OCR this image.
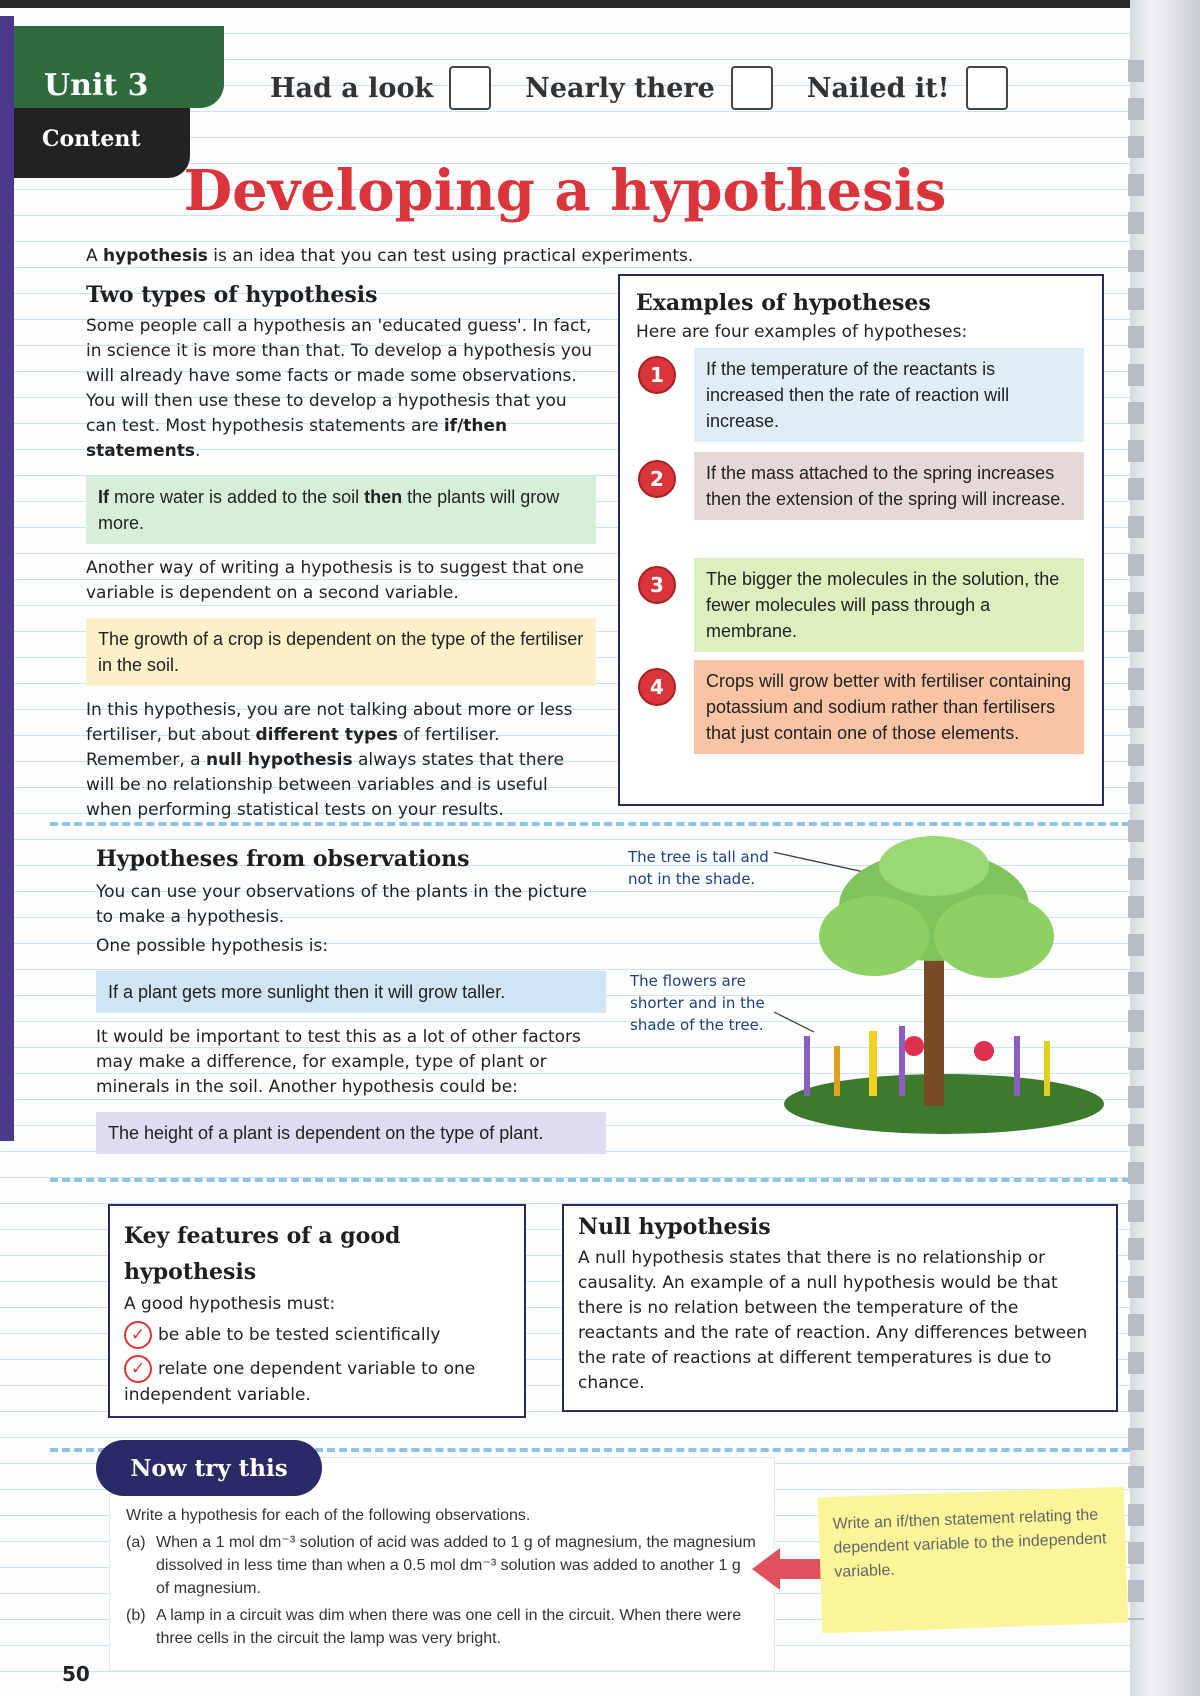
Unit 3
Content
Had a look	Nearly there	Nailed it!
Developing a hypothesis
A hypothesis is an idea that you can test using practical experiments.
Two types of hypothesis

Some people call a hypothesis an 'educated guess'. In fact, in science it is more than that. To develop a hypothesis you will already have some facts or made some observations. You will then use these to develop a hypothesis that you can test. Most hypothesis statements are if/then statements.

If more water is added to the soil then the plants will grow more.

Another way of writing a hypothesis is to suggest that one variable is dependent on a second variable.

The growth of a crop is dependent on the type of the fertiliser in the soil.

In this hypothesis, you are not talking about more or less fertiliser, but about different types of fertiliser. Remember, a null hypothesis always states that there will be no relationship between variables and is useful when performing statistical tests on your results.

Examples of hypotheses

Here are four examples of hypotheses:

1	If the temperature of the reactants is increased then the rate of reaction will increase.
2	If the mass attached to the spring increases then the extension of the spring will increase.
3	The bigger the molecules in the solution, the fewer molecules will pass through a membrane.
4	Crops will grow better with fertiliser containing potassium and sodium rather than fertilisers that just contain one of those elements.
Hypotheses from observations

You can use your observations of the plants in the picture to make a hypothesis.

One possible hypothesis is:

If a plant gets more sunlight then it will grow taller.

It would be important to test this as a lot of other factors may make a difference, for example, type of plant or minerals in the soil. Another hypothesis could be:

The height of a plant is dependent on the type of plant.
The tree is tall and not in the shade.
The flowers are shorter and in the shade of the tree.
Key features of a good hypothesis

A good hypothesis must:

✓ be able to be tested scientifically

✓ relate one dependent variable to one independent variable.

Null hypothesis

A null hypothesis states that there is no relationship or causality. An example of a null hypothesis would be that there is no relation between the temperature of the reactants and the rate of reaction. Any differences between the rate of reactions at different temperatures is due to chance.

Write a hypothesis for each of the following observations.

(a) When a 1 mol dm⁻³ solution of acid was added to 1 g of magnesium, the magnesium dissolved in less time than when a 0.5 mol dm⁻³ solution was added to another 1 g of magnesium.

(b) A lamp in a circuit was dim when there was one cell in the circuit. When there were three cells in the circuit the lamp was very bright.

Now try this
Write an if/then statement relating the dependent variable to the independent variable.
50
